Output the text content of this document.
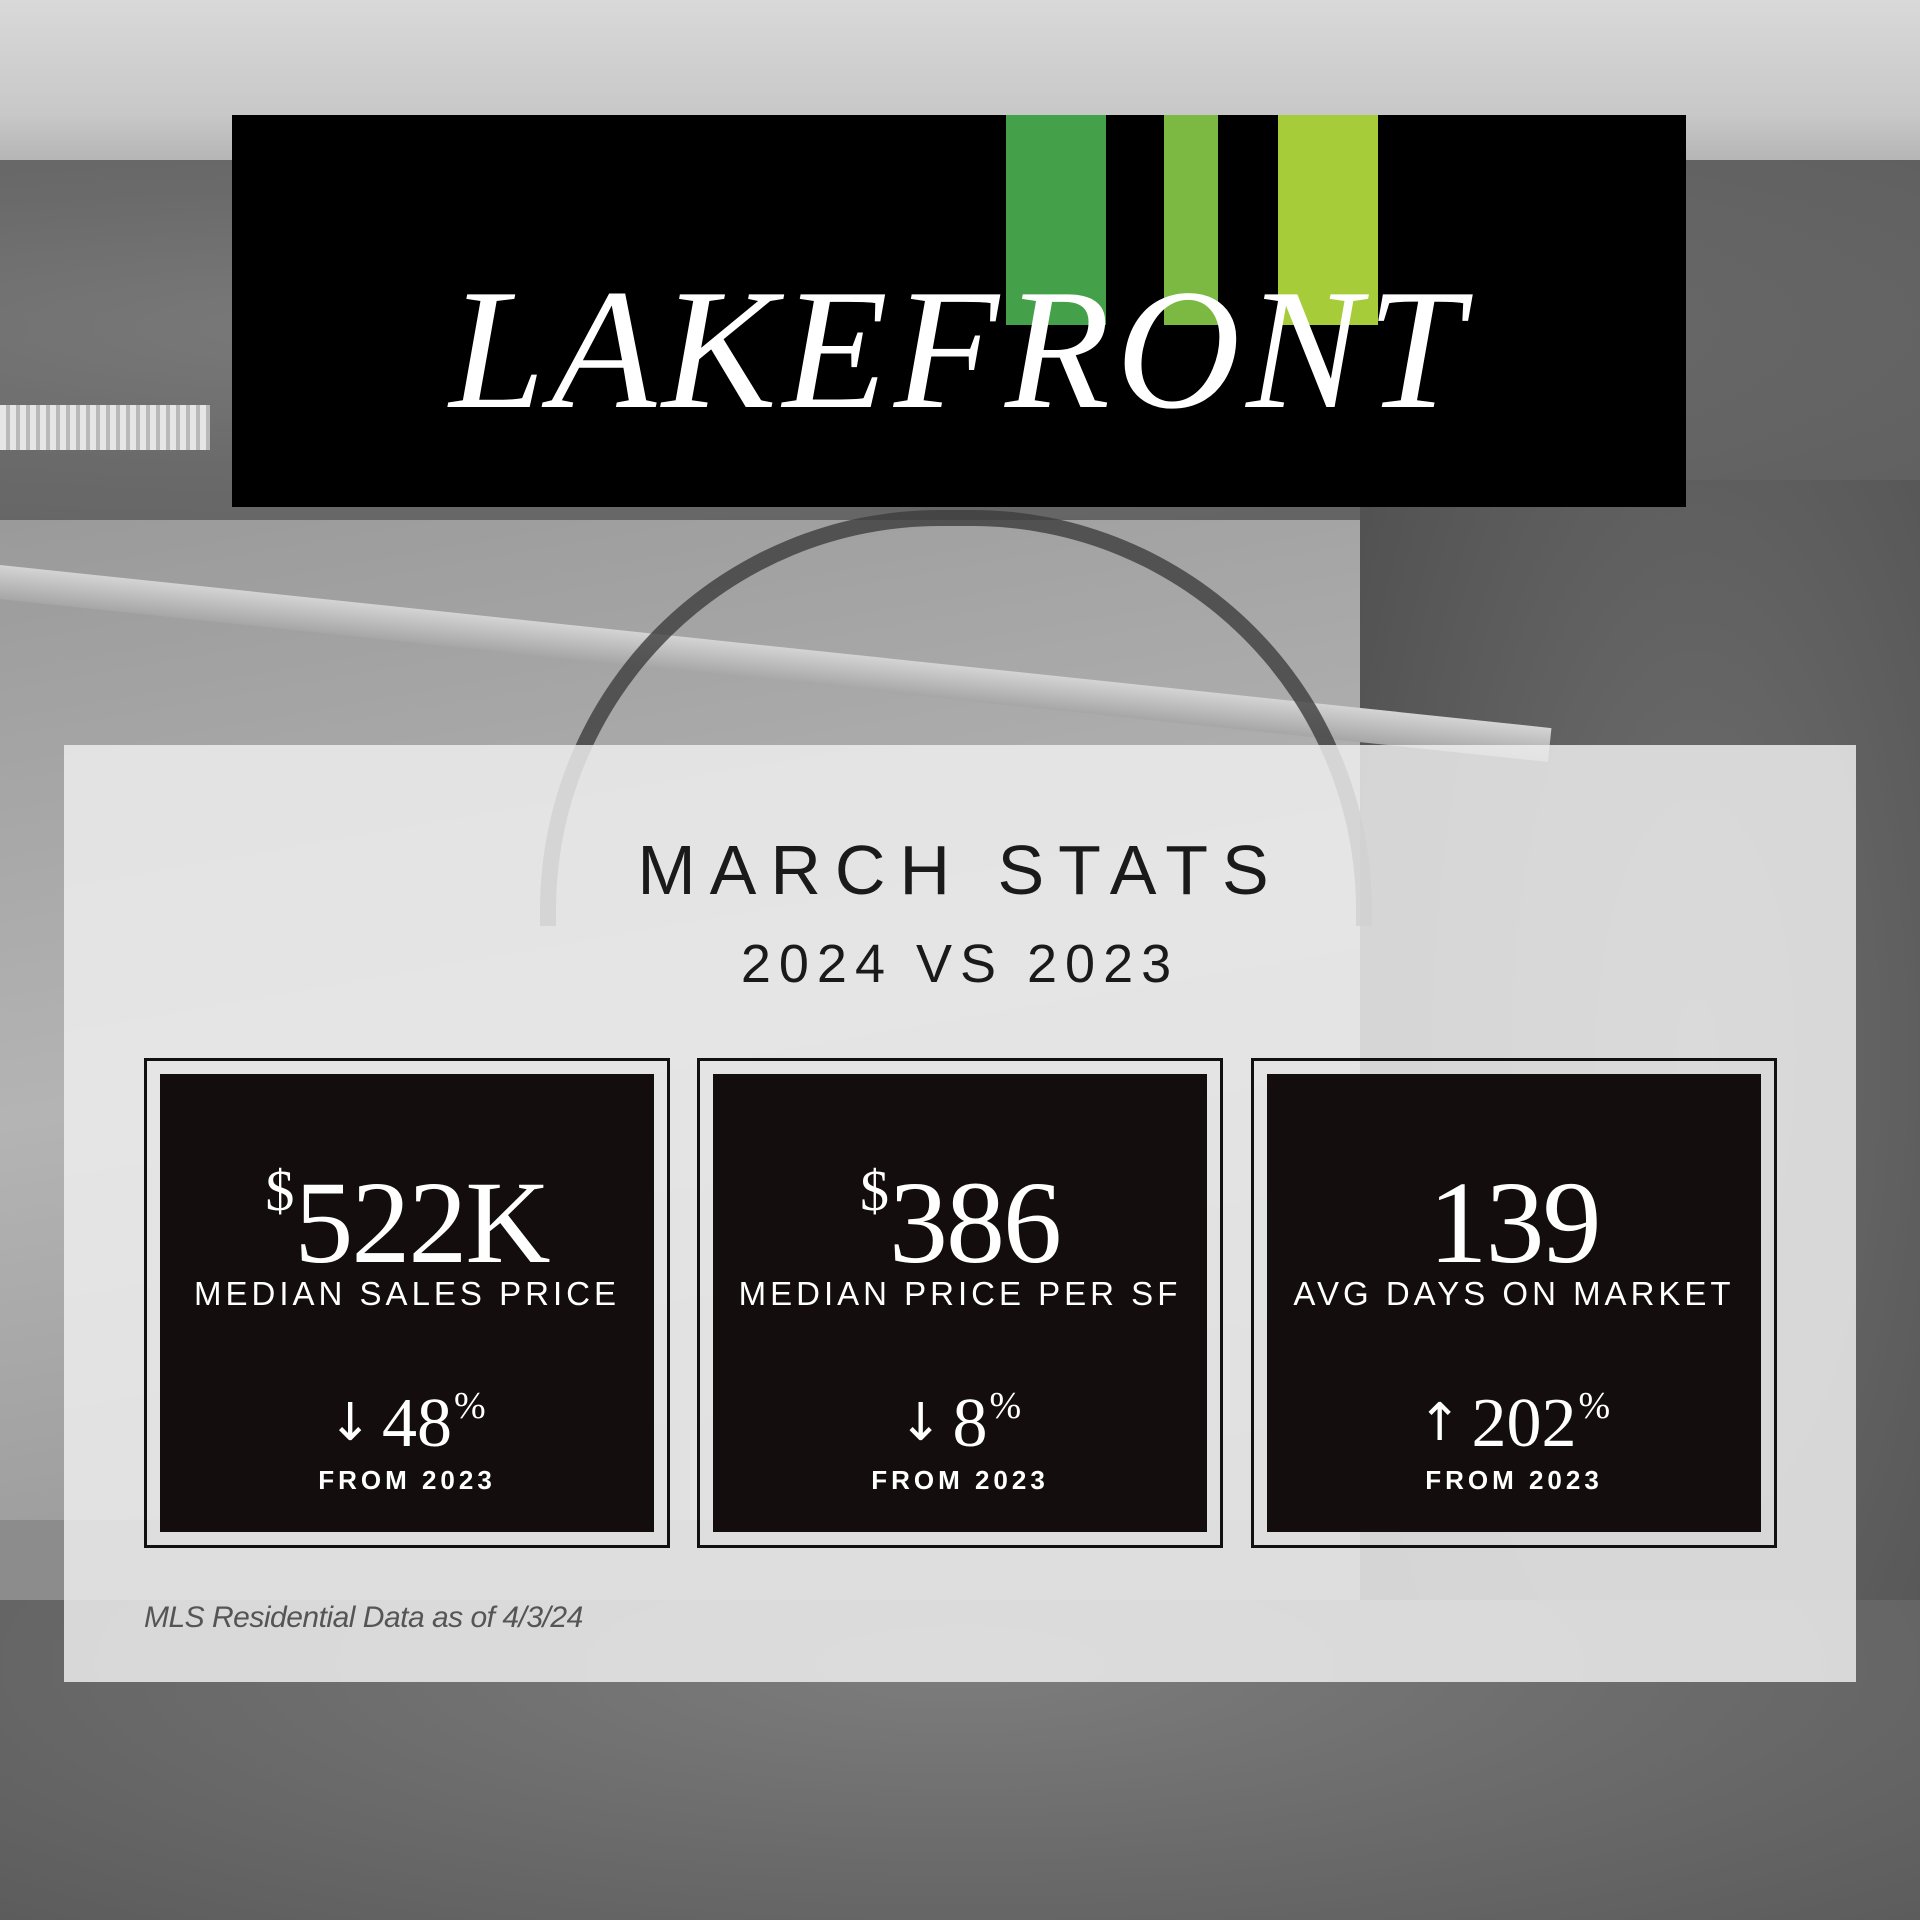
LAKEFRONT
MARCH STATS
2024 VS 2023
$522K
MEDIAN SALES PRICE
↓ 48%
FROM 2023
$386
MEDIAN PRICE PER SF
↓ 8%
FROM 2023
139
AVG DAYS ON MARKET
↑ 202%
FROM 2023
MLS Residential Data as of 4/3/24
